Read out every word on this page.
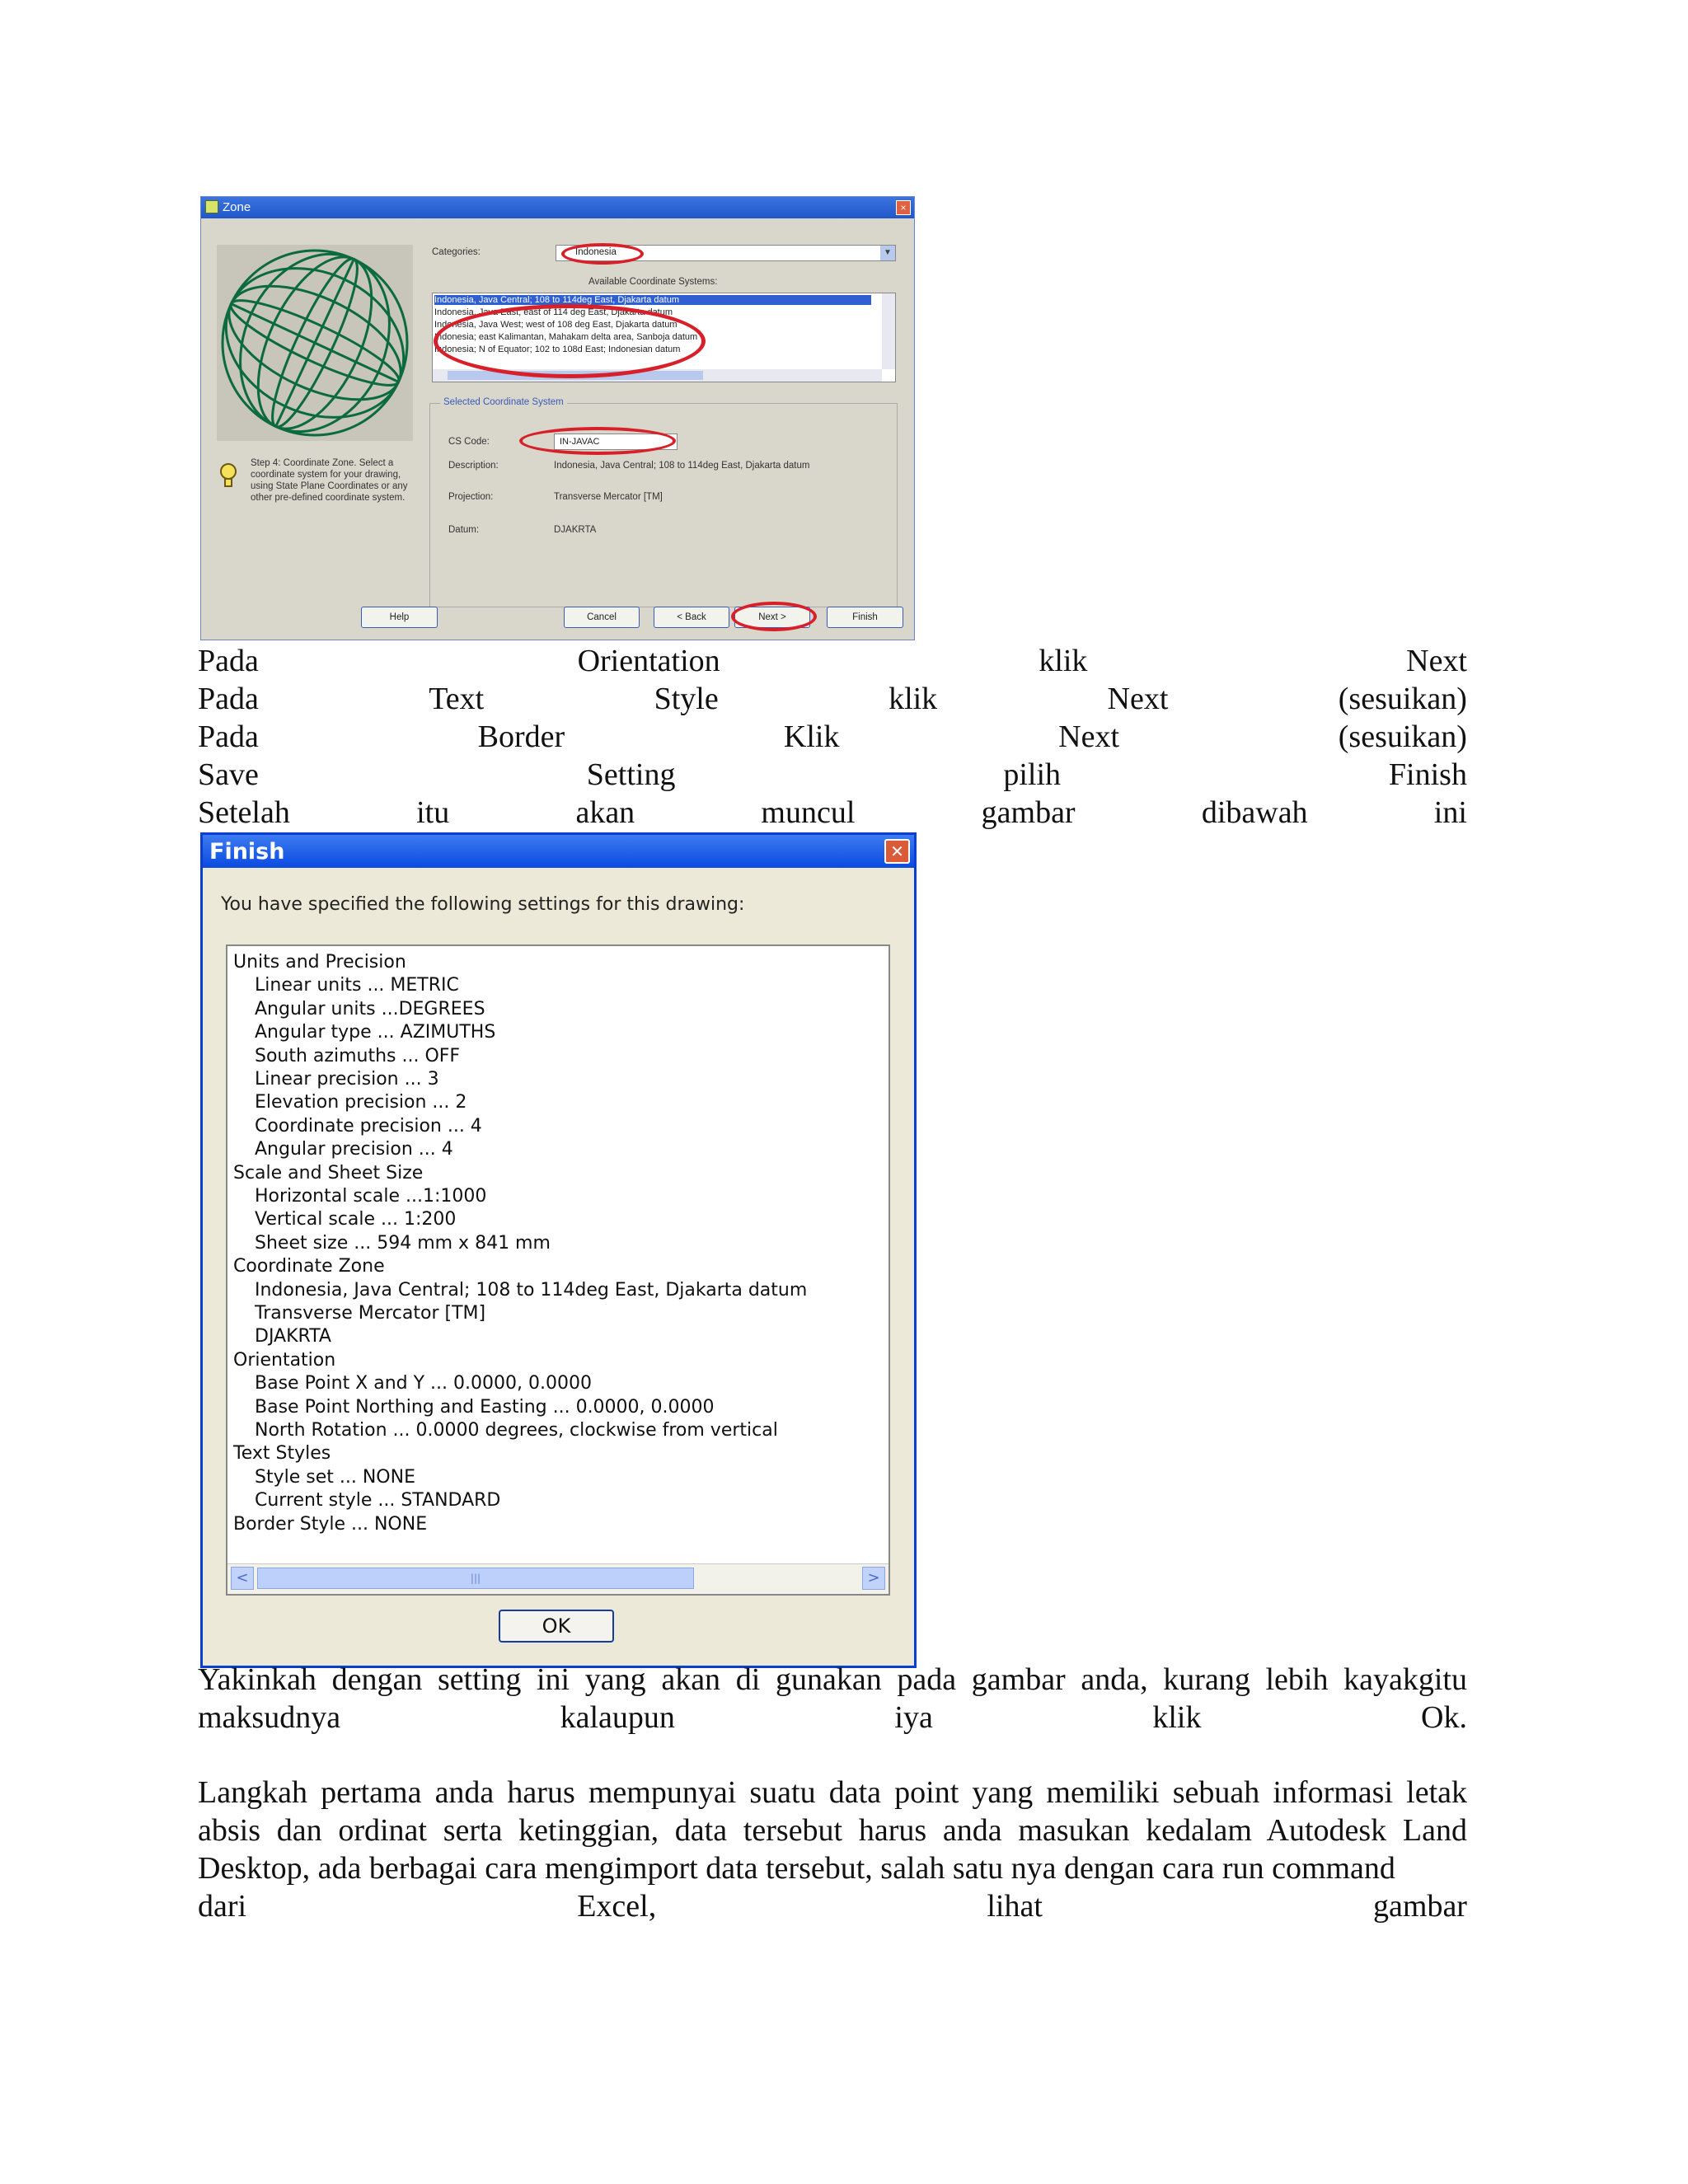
Zone	×
Step 4: Coordinate Zone. Select a coordinate system for your drawing, using State Plane Coordinates or any other pre-defined coordinate system.
Categories:	Indonesia	▼
Available Coordinate Systems:
Indonesia, Java Central; 108 to 114deg East, Djakarta datum
Indonesia, Java East; east of 114 deg East, Djakarta datum
Indonesia, Java West; west of 108 deg East, Djakarta datum
Indonesia; east Kalimantan, Mahakam delta area, Sanboja datum
Indonesia; N of Equator; 102 to 108d East; Indonesian datum
Selected Coordinate System
CS Code:	IN-JAVAC
Description:	Indonesia, Java Central; 108 to 114deg East, Djakarta datum
Projection:	Transverse Mercator [TM]
Datum:	DJAKRTA
Help	Cancel	< Back	Next >	Finish
Pada	Orientation	klik	Next
Pada	Text	Style	klik	Next	(sesuikan)
Pada	Border	Klik	Next	(sesuikan)
Save	Setting	pilih	Finish
Setelah	itu	akan	muncul	gambar	dibawah	ini
Finish	✕
You have specified the following settings for this drawing:
Border Style ... NONE
Current style ... STANDARD
Style set ... NONE
Text Styles
North Rotation ... 0.0000 degrees, clockwise from vertical
Base Point Northing and Easting ... 0.0000, 0.0000
Base Point X and Y ... 0.0000, 0.0000
Orientation
DJAKRTA
Transverse Mercator [TM]
Indonesia, Java Central; 108 to 114deg East, Djakarta datum
Coordinate Zone
Sheet size ... 594 mm x 841 mm
Vertical scale ... 1:200
Horizontal scale ...1:1000
Scale and Sheet Size
Angular precision ... 4
Coordinate precision ... 4
Elevation precision ... 2
Linear precision ... 3
South azimuths ... OFF
Angular type ... AZIMUTHS
Angular units ...DEGREES
Linear units ... METRIC
Units and Precision
<	|||	>
OK
Yakinkah dengan setting ini yang akan di gunakan pada gambar anda, kurang lebih kayakgitu
maksudnya	kalaupun	iya	klik	Ok.
Langkah pertama anda harus mempunyai suatu data point yang memiliki sebuah informasi letak absis dan ordinat serta ketinggian, data tersebut harus anda masukan kedalam Autodesk Land Desktop, ada berbagai cara mengimport data tersebut, salah satu nya dengan cara run command
dari	Excel,	lihat	gambar
